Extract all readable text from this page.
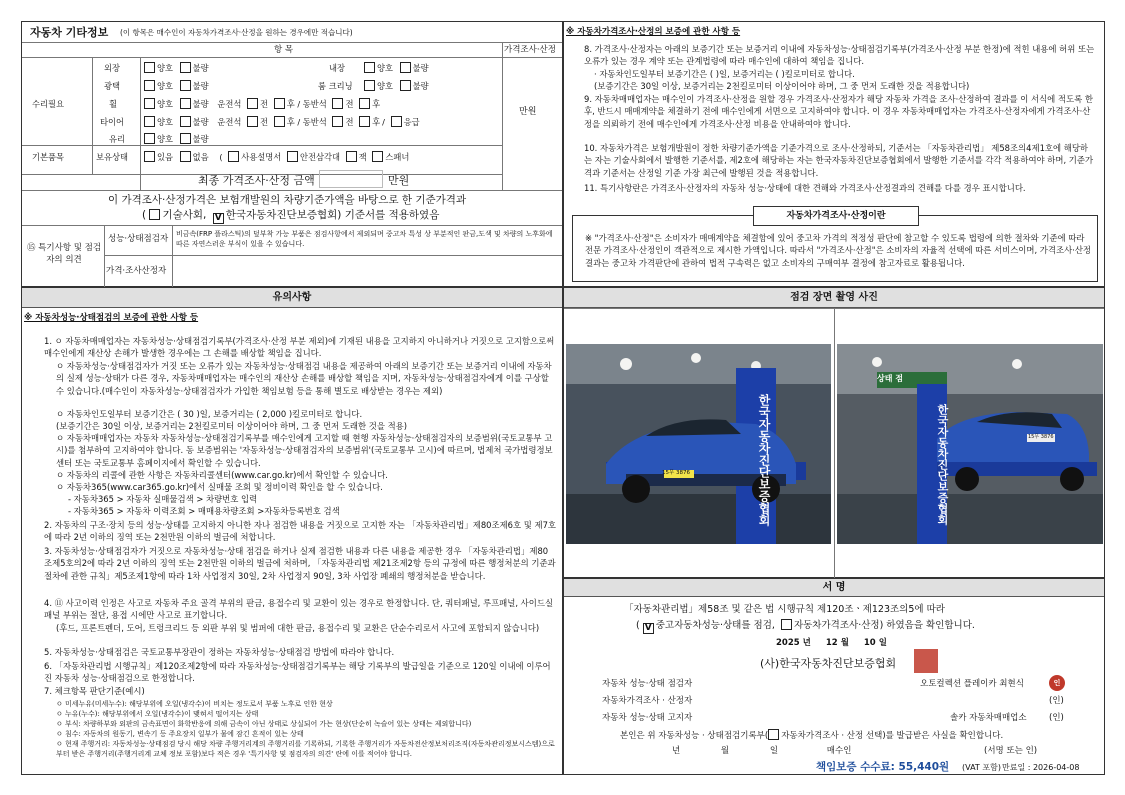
자동차 기타정보 (이 항목은 매수인이 자동차가격조사·산정을 원하는 경우에만 적습니다)
항 목	가격조사·산정
만원
수리필요
기본품목
외장	양호 불량	내장	양호 불량
광택	양호 불량	룸 크리닝	양호 불량
휠	양호 불량 운전석 전 후 / 동반석 전 후
타이어	양호 불량 운전석 전 후 / 동반석 전 후 / 응급
유리	양호 불량
보유상태	있음 없음 ( 사용설명서 안전삼각대 잭 스패너
최종 가격조사·산정 금액	만원
이 가격조사·산정가격은 보험개발원의 차량기준가액을 바탕으로 한 기준가격과
( 기술사회, V 한국자동차진단보증협회) 기준서를 적용하였음
⑮ 특기사항 및 점검자의 의견
성능·상태점검자 비금속(FRP 플라스틱)의 덮부착 가능 부품은 점검사항에서 제외되며 중고차 특성 상 부분적인 판금,도색 및 차량의 노후화에 따른 자연스러운 부식이 있을 수 있습니다.
가격·조사산정자
※ 자동차가격조사·산정의 보증에 관한 사항 등
8. 가격조사·산정자는 아래의 보증기간 또는 보증거리 이내에 자동차성능·상태점검기록부(가격조사·산정 부분 한정)에 적힌 내용에 허위 또는 오류가 있는 경우 계약 또는 관계법령에 따라 매수인에 대하여 책임을 집니다.
· 자동차인도일부터 보증기간은 ( )일, 보증거리는 ( )킬로미터로 합니다.
(보증기간은 30일 이상, 보증거리는 2천킬로미터 이상이어야 하며, 그 중 먼저 도래한 것을 적용합니다)
9. 자동차매매업자는 매수인이 가격조사·산정을 원할 경우 가격조사·산정자가 해당 자동차 가격을 조사·산정하여 결과를 이 서식에 적도록 한 후, 반드시 매매계약을 체결하기 전에 매수인에게 서면으로 고지하여야 합니다. 이 경우 자동차매매업자는 가격조사·산정자에게 가격조사·산정을 의뢰하기 전에 매수인에게 가격조사·산정 비용을 안내하여야 합니다.
10. 자동차가격은 보험개발원이 정한 차량기준가액을 기준가격으로 조사·산정하되, 기준서는 「자동차관리법」 제58조의4제1호에 해당하는 자는 기술사회에서 발행한 기준서를, 제2호에 해당하는 자는 한국자동차진단보증협회에서 발행한 기준서를 각각 적용하여야 하며, 기준가격과 기준서는 산정일 기준 가장 최근에 발행된 것을 적용합니다.
11. 특기사항란은 가격조사·산정자의 자동차 성능·상태에 대한 견해와 가격조사·산정결과의 견해를 다를 경우 표시합니다.
자동차가격조사·산정이란
※ "가격조사·산정"은 소비자가 매매계약을 체결함에 있어 중고차 가격의 적정성 판단에 참고할 수 있도록 법령에 의한 절차와 기준에 따라 전문 가격조사·산정인이 객관적으로 제시한 가액입니다. 따라서 "가격조사·산정"은 소비자의 자율적 선택에 따른 서비스이며, 가격조사·산정 결과는 중고차 가격판단에 관하여 법적 구속력은 없고 소비자의 구매여부 결정에 참고자료로 활용됩니다.
유의사항
※ 자동차성능·상태점검의 보증에 관한 사항 등
1. ㅇ 자동차매매업자는 자동차성능·상태점검기록부(가격조사·산정 부분 제외)에 기재된 내용을 고지하지 아니하거나 거짓으로 고지함으로써 매수인에게 재산상 손해가 발생한 경우에는 그 손해를 배상할 책임을 집니다.
ㅇ 자동차성능·상태점검자가 거짓 또는 오류가 있는 자동차성능·상태점검 내용을 제공하여 아래의 보증기간 또는 보증거리 이내에 자동차의 실제 성능·상태가 다른 경우, 자동차매매업자는 매수인의 재산상 손해를 배상할 책임을 지며, 자동차성능·상태점검자에게 이를 구상할 수 있습니다.(매수인이 자동차성능·상태점검자가 가입한 책임보험 등을 통해 별도로 배상받는 경우는 제외)
ㅇ 자동차인도일부터 보증기간은 ( 30 )일, 보증거리는 ( 2,000 )킬로미터로 합니다.
(보증기간은 30일 이상, 보증거리는 2천킬로미터 이상이어야 하며, 그 중 먼저 도래한 것을 적용)
ㅇ 자동차매매업자는 자동차 자동차성능·상태점검기록부를 매수인에게 고지할 때 현행 자동차성능·상태점검자의 보증범위(국토교통부 고시)를 첨부하여 고지하여야 합니다. 동 보증범위는 '자동차성능·상태점검자의 보증범위'(국토교통부 고시)에 따르며, 법제처 국가법령정보센터 또는 국토교통부 홈페이지에서 확인할 수 있습니다.
ㅇ 자동차의 리콜에 관한 사항은 자동차리콜센터(www.car.go.kr)에서 확인할 수 있습니다.
ㅇ 자동차365(www.car365.go.kr)에서 실매물 조회 및 정비이력 확인을 할 수 있습니다.
- 자동차365 > 자동차 실매물검색 > 차량번호 입력
- 자동차365 > 자동차 이력조회 > 매매용차량조회 >자동차등록번호 검색
2. 자동차의 구조·장치 등의 성능·상태를 고지하지 아니한 자나 점검한 내용을 거짓으로 고지한 자는 「자동차관리법」제80조제6호 및 제7호에 따라 2년 이하의 징역 또는 2천만원 이하의 벌금에 처합니다.
3. 자동차성능·상태점검자가 거짓으로 자동차성능·상태 점검을 하거나 실제 점검한 내용과 다른 내용을 제공한 경우 「자동차관리법」제80조제5호의2에 따라 2년 이하의 징역 또는 2천만원 이하의 벌금에 처하며, 「자동차관리법 제21조제2항 등의 규정에 따른 행정처분의 기준과 절차에 관한 규칙」제5조제1항에 따라 1차 사업정지 30일, 2차 사업정지 90일, 3차 사업장 폐쇄의 행정처분을 받습니다.
4. ⑪ 사고이력 인정은 사고로 자동차 주요 골격 부위의 판금, 용접수리 및 교환이 있는 경우로 한정합니다. 단, 쿼터패널, 루프패널, 사이드실패널 부위는 절단, 용접 시에만 사고로 표기합니다.
(후드, 프론트펜더, 도어, 트렁크리드 등 외판 부위 및 범퍼에 대한 판금, 용접수리 및 교환은 단순수리로서 사고에 포함되지 않습니다)
5. 자동차성능·상태점검은 국토교통부장관이 정하는 자동차성능·상태점검 방법에 따라야 합니다.
6. 「자동차관리법 시행규칙」제120조제2항에 따라 자동차성능·상태점검기록부는 해당 기록부의 발급일을 기준으로 120일 이내에 이루어진 자동차 성능·상태점검으로 한정합니다.
7. 체크항목 판단기준(예시)
ㅇ 미세누유(미세누수): 해당부위에 오일(냉각수)이 비치는 정도로서 부품 노후로 인한 현상
ㅇ 누유(누수): 해당부위에서 오일(냉각수)이 맺혀서 떨어지는 상태
ㅇ 부식: 차량하부와 외판의 금속표면이 화학반응에 의해 금속이 아닌 상태로 상실되어 가는 현상(단순히 녹슬어 있는 상태는 제외합니다)
ㅇ 침수: 자동차의 원동기, 변속기 등 주요장치 일부가 물에 잠긴 흔적이 있는 상태
ㅇ 현재 주행거리: 자동차성능·상태점검 당시 해당 차량 주행거리계의 주행거리를 기록하되, 기록한 주행거리가 자동차전산정보처리조직(자동차관리정보시스템)으로부터 받은 주행거리(주행거리계 교체 정보 포함)보다 적은 경우 '특기사항 및 점검자의 의견' 란에 이를 적어야 합니다.
점검 장면 촬영 사진
한국자동차진단보증협회
15무 3876	한국자동차진단보증협회
상태 점
15무 3876
서 명
「자동차관리법」제58조 및 같은 법 시행규칙 제120조ㆍ제123조의5에 따라
( V 중고자동차성능·상태를 점검, 자동차가격조사·산정) 하였음을 확인합니다.
2025 년 12 월 10 일
(사)한국자동차진단보증협회
자동차 성능·상태 점검자	오토컬렉션 플레이카 최현식	인
자동차가격조사 · 산정자	(인)
자동차 성능·상태 고지자	솔카 자동차매매업소	(인)
본인은 위 자동차성능 · 상태점검기록부( 자동차가격조사 · 산정 선택)를 발급받은 사실을 확인합니다.
년	월	일	매수인	(서명 또는 인)
책임보증 수수료: 55,440원 (VAT 포함) 만료일 : 2026-04-08
